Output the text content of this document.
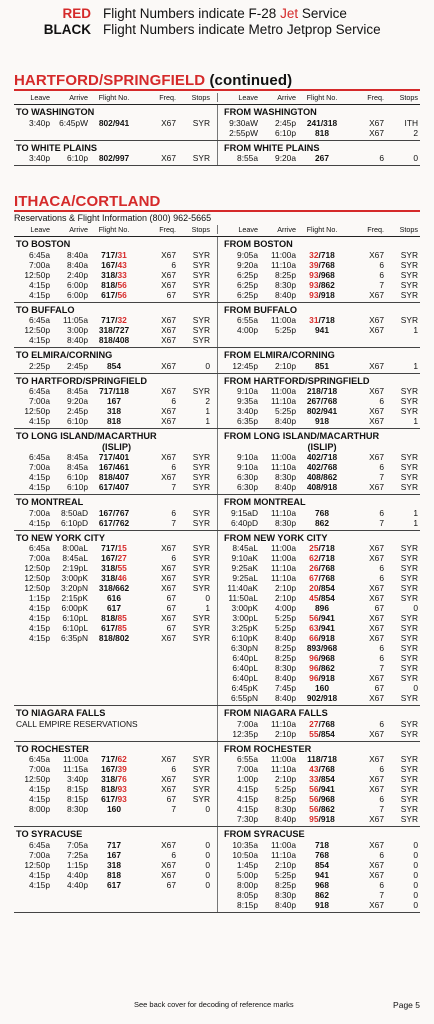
RED Flight Numbers indicate F-28 Jet Service
BLACK Flight Numbers indicate Metro Jetprop Service
HARTFORD/SPRINGFIELD (continued)
Leave	Arrive	Flight No.	Freq.	Stops	Leave	Arrive	Flight No.	Freq.	Stops
TO WASHINGTON
3:40p	6:45pW	802/941	X67	SYR
FROM WASHINGTON
9:30aW	2:45p	241/318	X67	ITH
2:55pW	6:10p	818	X67	2
TO WHITE PLAINS
3:40p	6:10p	802/997	X67	SYR
FROM WHITE PLAINS
8:55a	9:20a	267	6	0
ITHACA/CORTLAND
Reservations & Flight Information (800) 962-5665
Leave	Arrive	Flight No.	Freq.	Stops	Leave	Arrive	Flight No.	Freq.	Stops
TO BOSTON
6:45a	8:40a	717/31	X67	SYR
7:00a	8:40a	167/43	6	SYR
12:50p	2:40p	318/33	X67	SYR
4:15p	6:00p	818/56	X67	SYR
4:15p	6:00p	617/56	67	SYR
FROM BOSTON
9:05a	11:00a	32/718	X67	SYR
9:20a	11:10a	39/768	6	SYR
6:25p	8:25p	93/968	6	SYR
6:25p	8:30p	93/862	7	SYR
6:25p	8:40p	93/918	X67	SYR
TO BUFFALO
6:45a	11:05a	717/32	X67	SYR
12:50p	3:00p	318/727	X67	SYR
4:15p	8:40p	818/408	X67	SYR
FROM BUFFALO
6:55a	11:00a	31/718	X67	SYR
4:00p	5:25p	941	X67	1
TO ELMIRA/CORNING
2:25p	2:45p	854	X67	0
FROM ELMIRA/CORNING
12:45p	2:10p	851	X67	1
TO HARTFORD/SPRINGFIELD
6:45a	8:45a	717/118	X67	SYR
7:00a	9:20a	167	6	2
12:50p	2:45p	318	X67	1
4:15p	6:10p	818	X67	1
FROM HARTFORD/SPRINGFIELD
9:10a	11:00a	218/718	X67	SYR
9:35a	11:10a	267/768	6	SYR
3:40p	5:25p	802/941	X67	SYR
6:35p	8:40p	918	X67	1
TO LONG ISLAND/MACARTHUR
(ISLIP)
6:45a	8:45a	717/401	X67	SYR
7:00a	8:45a	167/461	6	SYR
4:15p	6:10p	818/407	X67	SYR
4:15p	6:10p	617/407	7	SYR
FROM LONG ISLAND/MACARTHUR
(ISLIP)
9:10a	11:00a	402/718	X67	SYR
9:10a	11:10a	402/768	6	SYR
6:30p	8:30p	408/862	7	SYR
6:30p	8:40p	408/918	X67	SYR
TO MONTREAL
7:00a	8:50aD	167/767	6	SYR
4:15p	6:10pD	617/762	7	SYR
FROM MONTREAL
9:15aD	11:10a	768	6	1
6:40pD	8:30p	862	7	1
TO NEW YORK CITY
6:45a	8:00aL	717/15	X67	SYR
7:00a	8:45aL	167/27	6	SYR
12:50p	2:19pL	318/55	X67	SYR
12:50p	3:00pK	318/46	X67	SYR
12:50p	3:20pN	318/662	X67	SYR
1:15p	2:15pK	616	67	0
4:15p	6:00pK	617	67	1
4:15p	6:10pL	818/85	X67	SYR
4:15p	6:10pL	617/85	67	SYR
4:15p	6:35pN	818/802	X67	SYR
FROM NEW YORK CITY
8:45aL	11:00a	25/718	X67	SYR
9:10aK	11:00a	62/718	X67	SYR
9:25aK	11:10a	26/768	6	SYR
9:25aL	11:10a	67/768	6	SYR
11:40aK	2:10p	20/854	X67	SYR
11:50aL	2:10p	45/854	X67	SYR
3:00pK	4:00p	896	67	0
3:00pL	5:25p	56/941	X67	SYR
3:25pK	5:25p	63/941	X67	SYR
6:10pK	8:40p	66/918	X67	SYR
6:30pN	8:25p	893/968	6	SYR
6:40pL	8:25p	96/968	6	SYR
6:40pL	8:30p	96/862	7	SYR
6:40pL	8:40p	96/918	X67	SYR
6:45pK	7:45p	160	67	0
6:55pN	8:40p	902/918	X67	SYR
TO NIAGARA FALLS
CALL EMPIRE RESERVATIONS
FROM NIAGARA FALLS
7:00a	11:10a	27/768	6	SYR
12:35p	2:10p	55/854	X67	SYR
TO ROCHESTER
6:45a	11:00a	717/62	X67	SYR
7:00a	11:15a	167/39	6	SYR
12:50p	3:40p	318/76	X67	SYR
4:15p	8:15p	818/93	X67	SYR
4:15p	8:15p	617/93	67	SYR
8:00p	8:30p	160	7	0
FROM ROCHESTER
6:55a	11:00a	118/718	X67	SYR
7:00a	11:10a	43/768	6	SYR
1:00p	2:10p	33/854	X67	SYR
4:15p	5:25p	56/941	X67	SYR
4:15p	8:25p	56/968	6	SYR
4:15p	8:30p	56/862	7	SYR
7:30p	8:40p	95/918	X67	SYR
TO SYRACUSE
6:45a	7:05a	717	X67	0
7:00a	7:25a	167	6	0
12:50p	1:15p	318	X67	0
4:15p	4:40p	818	X67	0
4:15p	4:40p	617	67	0
FROM SYRACUSE
10:35a	11:00a	718	X67	0
10:50a	11:10a	768	6	0
1:45p	2:10p	854	X67	0
5:00p	5:25p	941	X67	0
8:00p	8:25p	968	6	0
8:05p	8:30p	862	7	0
8:15p	8:40p	918	X67	0
See back cover for decoding of reference marks	Page 5
